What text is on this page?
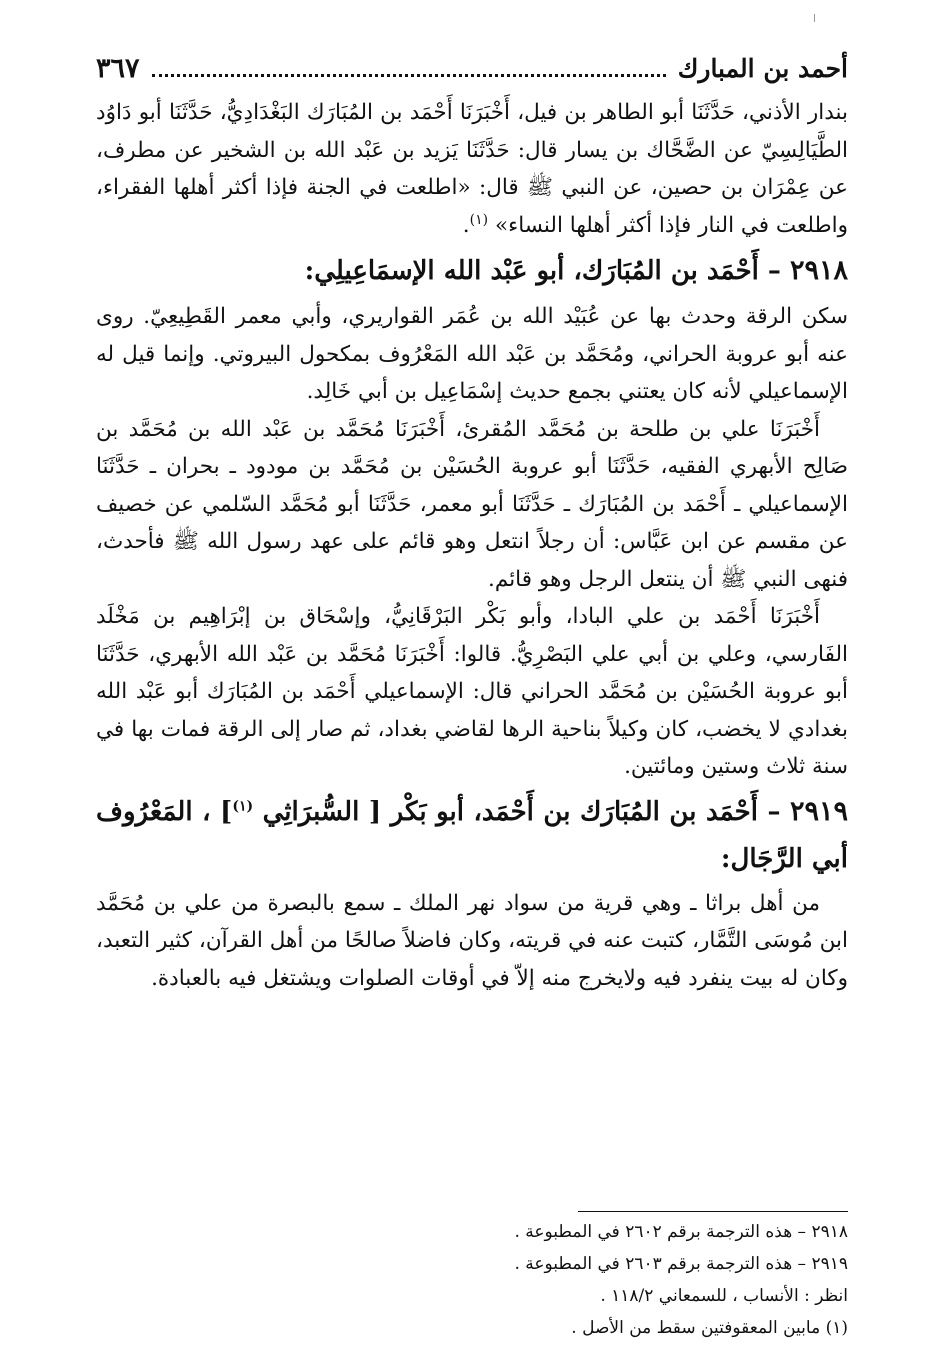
أحمد بن المبارك
٣٦٧

بندار الأذني، حَدَّثَنَا أبو الطاهر بن فيل، أَخْبَرَنَا أَحْمَد بن المُبَارَك البَغْدَادِيُّ، حَدَّثَنَا أبو دَاوُد الطَّيَالِسِيّ عن الضَّحَّاك بن يسار قال: حَدَّثَنَا يَزيد بن عَبْد الله بن الشخير عن مطرف، عن عِمْرَان بن حصين، عن النبي ﷺ قال: «اطلعت في الجنة فإذا أكثر أهلها الفقراء، واطلعت في النار فإذا أكثر أهلها النساء» $^{(١)}$.

٢٩١٨ – أَحْمَد بن المُبَارَك، أبو عَبْد الله الإسمَاعِيلِي:

سكن الرقة وحدث بها عن عُبَيْد الله بن عُمَر القواريري، وأبي معمر القَطِيعِيّ. روى عنه أبو عروبة الحراني، ومُحَمَّد بن عَبْد الله المَعْرُوف بمكحول البيروتي. وإنما قيل له الإسماعيلي لأنه كان يعتني بجمع حديث إسْمَاعِيل بن أبي خَالِد.

أَخْبَرَنَا علي بن طلحة بن مُحَمَّد المُقرئ، أَخْبَرَنَا مُحَمَّد بن عَبْد الله بن مُحَمَّد بن صَالِح الأبهري الفقيه، حَدَّثَنَا أبو عروبة الحُسَيْن بن مُحَمَّد بن مودود ـ بحران ـ حَدَّثَنَا الإسماعيلي ـ أَحْمَد بن المُبَارَك ـ حَدَّثَنَا أبو معمر، حَدَّثَنَا أبو مُحَمَّد السّلمي عن خصيف عن مقسم عن ابن عَبَّاس: أن رجلاً انتعل وهو قائم على عهد رسول الله ﷺ فأحدث، فنهى النبي ﷺ أن ينتعل الرجل وهو قائم.

أَخْبَرَنَا أَحْمَد بن علي البادا، وأبو بَكْر البَرْقَانِيُّ، وإسْحَاق بن إبْرَاهِيم بن مَخْلَد الفَارسي، وعلي بن أبي علي البَصْرِيُّ. قالوا: أَخْبَرَنَا مُحَمَّد بن عَبْد الله الأبهري، حَدَّثَنَا أبو عروبة الحُسَيْن بن مُحَمَّد الحراني قال: الإسماعيلي أَحْمَد بن المُبَارَك أبو عَبْد الله بغدادي لا يخضب، كان وكيلاً بناحية الرها لقاضي بغداد، ثم صار إلى الرقة فمات بها في سنة ثلاث وستين ومائتين.

٢٩١٩ – أَحْمَد بن المُبَارَك بن أَحْمَد، أبو بَكْر [ السُّبرَاثِي $^{(١)}$] ، المَعْرُوف أبي الرَّجَال:

من أهل براثا ـ وهي قرية من سواد نهر الملك ـ سمع بالبصرة من علي بن مُحَمَّد ابن مُوسَى التَّمَّار، كتبت عنه في قريته، وكان فاضلاً صالحًا من أهل القرآن، كثير التعبد، وكان له بيت ينفرد فيه ولايخرج منه إلاّ في أوقات الصلوات ويشتغل فيه بالعبادة.

٢٩١٨ – هذه الترجمة برقم ٢٦٠٢ في المطبوعة .

٢٩١٩ – هذه الترجمة برقم ٢٦٠٣ في المطبوعة .

انظر : الأنساب ، للسمعاني ١١٨/٢ .

(١) مابين المعقوفتين سقط من الأصل .
